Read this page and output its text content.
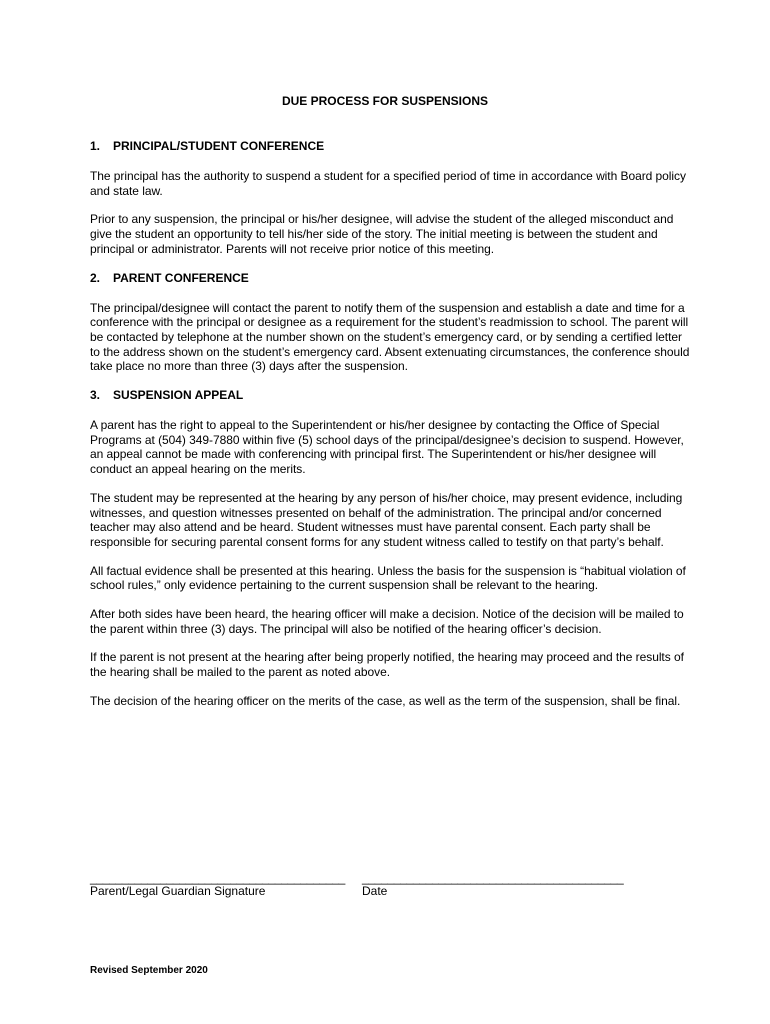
DUE PROCESS FOR SUSPENSIONS
1.	PRINCIPAL/STUDENT CONFERENCE

The principal has the authority to suspend a student for a specified period of time in accordance with Board policy and state law.

Prior to any suspension, the principal or his/her designee, will advise the student of the alleged misconduct and give the student an opportunity to tell his/her side of the story. The initial meeting is between the student and principal or administrator. Parents will not receive prior notice of this meeting.

2.	PARENT CONFERENCE

The principal/designee will contact the parent to notify them of the suspension and establish a date and time for a conference with the principal or designee as a requirement for the student’s readmission to school. The parent will be contacted by telephone at the number shown on the student’s emergency card, or by sending a certified letter to the address shown on the student’s emergency card. Absent extenuating circumstances, the conference should take place no more than three (3) days after the suspension.

3.	SUSPENSION APPEAL

A parent has the right to appeal to the Superintendent or his/her designee by contacting the Office of Special Programs at (504) 349-7880 within five (5) school days of the principal/designee’s decision to suspend. However, an appeal cannot be made with conferencing with principal first. The Superintendent or his/her designee will conduct an appeal hearing on the merits.

The student may be represented at the hearing by any person of his/her choice, may present evidence, including witnesses, and question witnesses presented on behalf of the administration. The principal and/or concerned teacher may also attend and be heard. Student witnesses must have parental consent. Each party shall be responsible for securing parental consent forms for any student witness called to testify on that party’s behalf.

All factual evidence shall be presented at this hearing. Unless the basis for the suspension is “habitual violation of school rules,” only evidence pertaining to the current suspension shall be relevant to the hearing.

After both sides have been heard, the hearing officer will make a decision. Notice of the decision will be mailed to the parent within three (3) days. The principal will also be notified of the hearing officer’s decision.

If the parent is not present at the hearing after being properly notified, the hearing may proceed and the results of the hearing shall be mailed to the parent as noted above.

The decision of the hearing officer on the merits of the case, as well as the term of the suspension, shall be final.

________________________________________
Parent/Legal Guardian Signature
_________________________________________
Date
Revised September 2020
